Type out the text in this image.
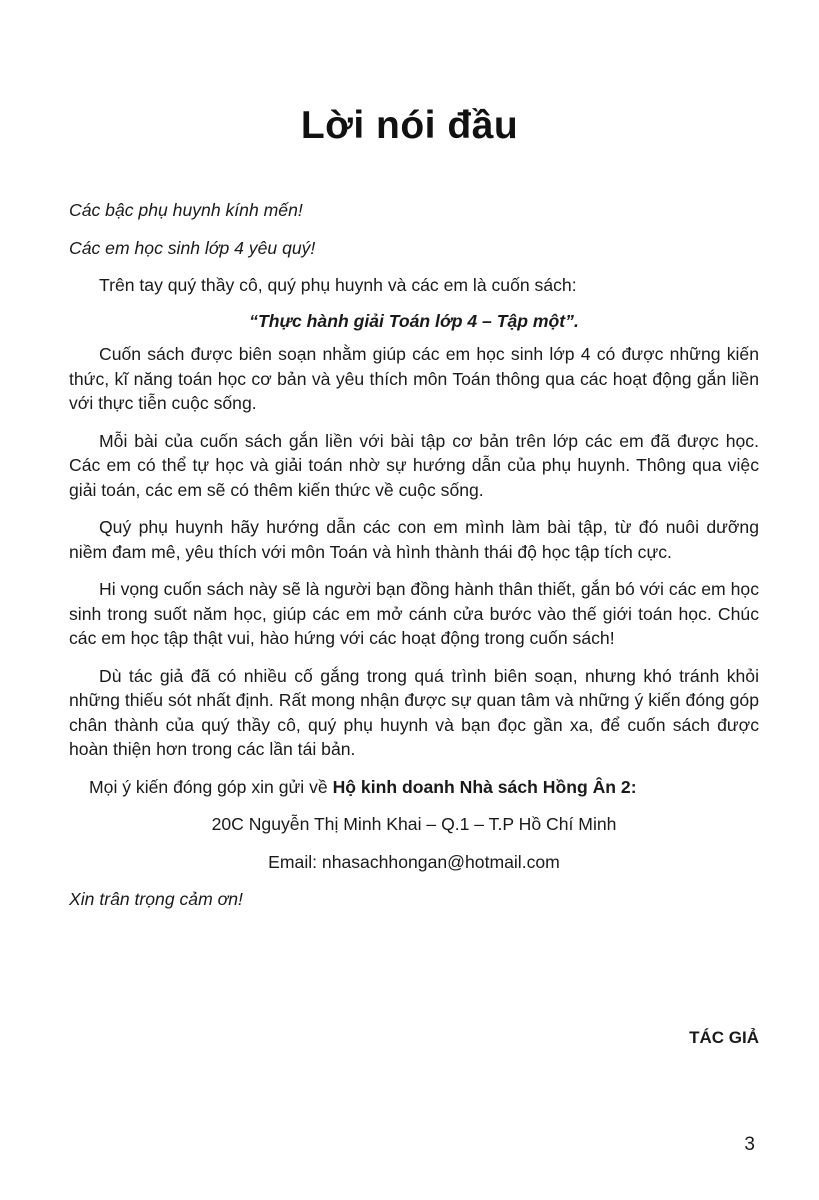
Lời nói đầu

Các bậc phụ huynh kính mến!

Các em học sinh lớp 4 yêu quý!

Trên tay quý thầy cô, quý phụ huynh và các em là cuốn sách:

“Thực hành giải Toán lớp 4 – Tập một”.

Cuốn sách được biên soạn nhằm giúp các em học sinh lớp 4 có được những kiến thức, kĩ năng toán học cơ bản và yêu thích môn Toán thông qua các hoạt động gắn liền với thực tiễn cuộc sống.

Mỗi bài của cuốn sách gắn liền với bài tập cơ bản trên lớp các em đã được học. Các em có thể tự học và giải toán nhờ sự hướng dẫn của phụ huynh. Thông qua việc giải toán, các em sẽ có thêm kiến thức về cuộc sống.

Quý phụ huynh hãy hướng dẫn các con em mình làm bài tập, từ đó nuôi dưỡng niềm đam mê, yêu thích với môn Toán và hình thành thái độ học tập tích cực.

Hi vọng cuốn sách này sẽ là người bạn đồng hành thân thiết, gắn bó với các em học sinh trong suốt năm học, giúp các em mở cánh cửa bước vào thế giới toán học. Chúc các em học tập thật vui, hào hứng với các hoạt động trong cuốn sách!

Dù tác giả đã có nhiều cố gắng trong quá trình biên soạn, nhưng khó tránh khỏi những thiếu sót nhất định. Rất mong nhận được sự quan tâm và những ý kiến đóng góp chân thành của quý thầy cô, quý phụ huynh và bạn đọc gần xa, để cuốn sách được hoàn thiện hơn trong các lần tái bản.

Mọi ý kiến đóng góp xin gửi về Hộ kinh doanh Nhà sách Hồng Ân 2:

20C Nguyễn Thị Minh Khai – Q.1 – T.P Hồ Chí Minh

Email: nhasachhongan@hotmail.com

Xin trân trọng cảm ơn!

TÁC GIẢ
3
